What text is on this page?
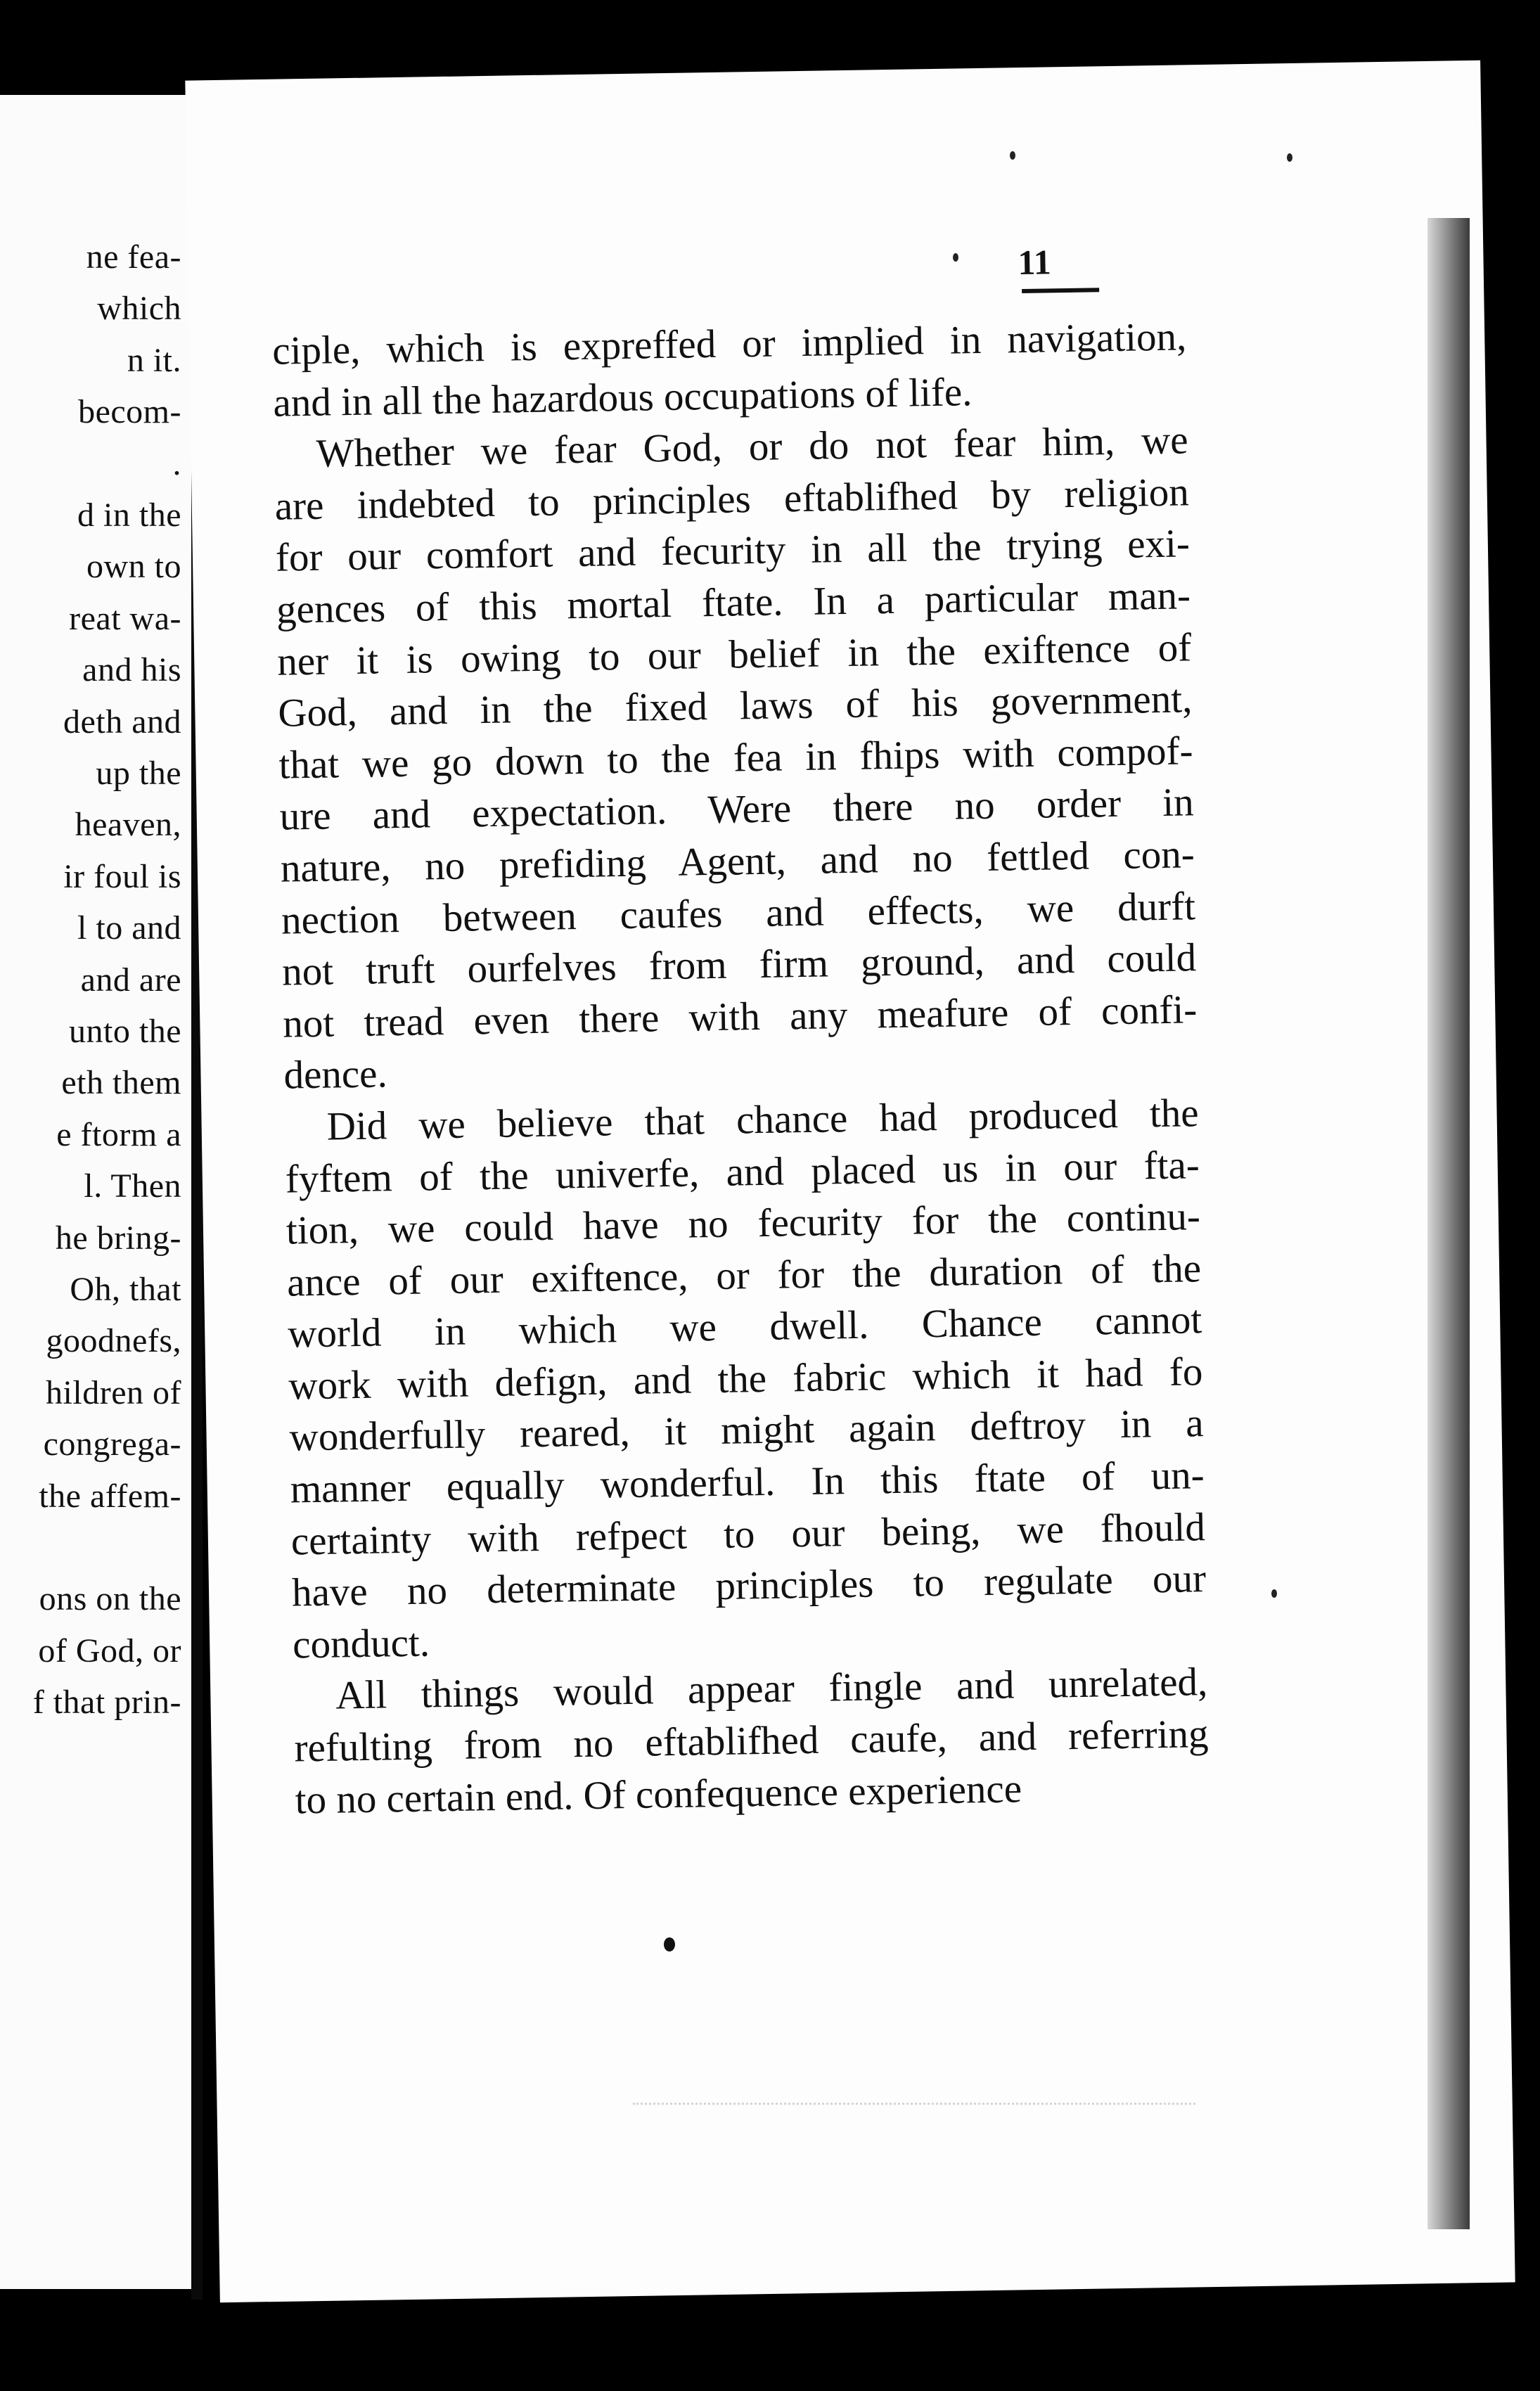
ne fea-
which
n it.
becom-
.
d in the
own to
reat wa-
and his
deth and
up the
heaven,
ir foul is
l to and
and are
unto the
eth them
e ftorm a
l. Then
he bring-
Oh, that
goodnefs,
hildren of
congrega-
the affem-
ons on the
of God, or
f that prin-
11
ciple, which is expreffed or implied in navigation,
and in all the hazardous occupations of life.
Whether we fear God, or do not fear him, we
are indebted to principles eftablifhed by religion
for our comfort and fecurity in all the trying exi-
gences of this mortal ftate. In a particular man-
ner it is owing to our belief in the exiftence of
God, and in the fixed laws of his government,
that we go down to the fea in fhips with compof-
ure and expectation. Were there no order in
nature, no prefiding Agent, and no fettled con-
nection between caufes and effects, we durft
not truft ourfelves from firm ground, and could
not tread even there with any meafure of confi-
dence.
Did we believe that chance had produced the
fyftem of the univerfe, and placed us in our fta-
tion, we could have no fecurity for the continu-
ance of our exiftence, or for the duration of the
world in which we dwell. Chance cannot
work with defign, and the fabric which it had fo
wonderfully reared, it might again deftroy in a
manner equally wonderful. In this ftate of un-
certainty with refpect to our being, we fhould
have no determinate principles to regulate our
conduct.
All things would appear fingle and unrelated,
refulting from no eftablifhed caufe, and referring
to no certain end. Of confequence experience
